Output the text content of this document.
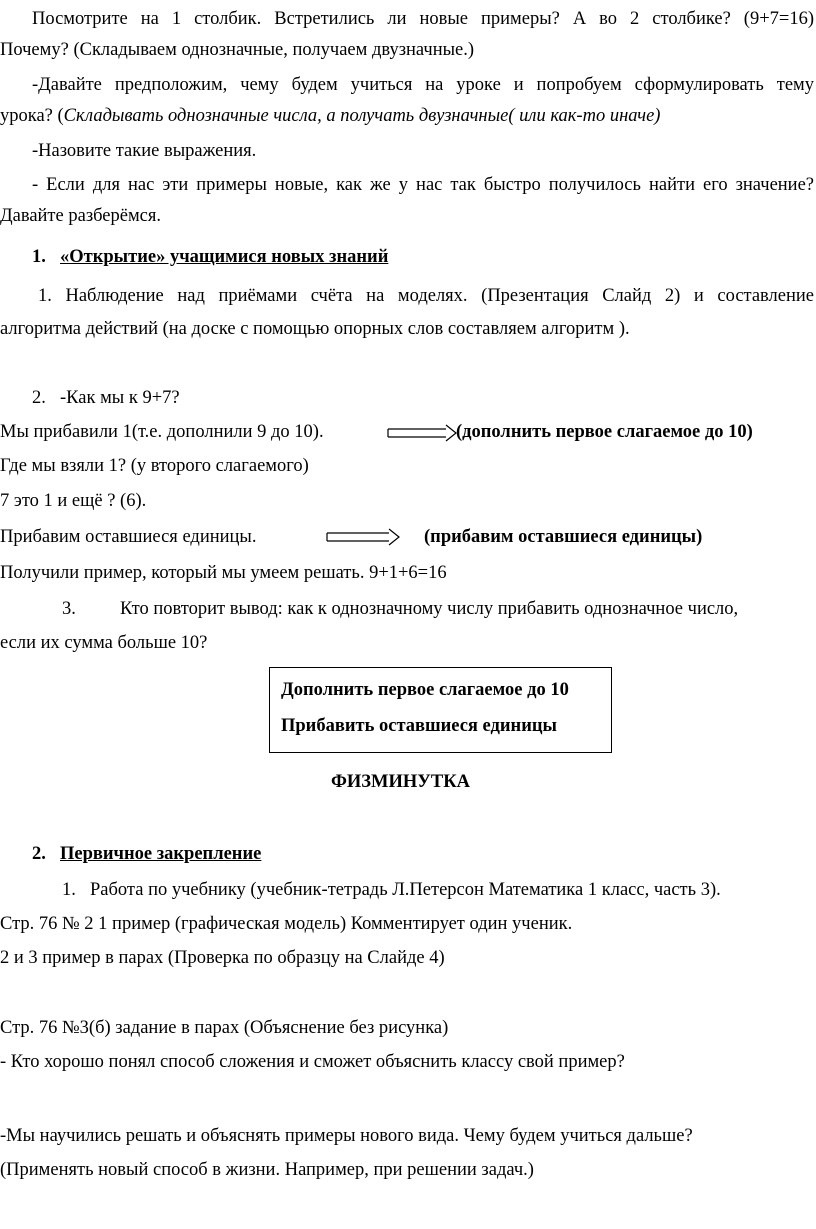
Посмотрите на 1 столбик. Встретились ли новые примеры? А во 2 столбике? (9+7=16)
Почему? (Складываем однозначные, получаем двузначные.)
-Давайте предположим, чему будем учиться на уроке и попробуем сформулировать тему
урока? (Складывать однозначные числа, а получать двузначные( или как-то иначе)
-Назовите такие выражения.
- Если для нас эти примеры новые, как же у нас так быстро получилось найти его значение?
Давайте разберёмся.
1. «Открытие» учащимися новых знаний
1. Наблюдение над приёмами счёта на моделях. (Презентация Слайд 2) и составление
алгоритма действий (на доске с помощью опорных слов составляем алгоритм ).
2. -Как мы к 9+7?
Мы прибавили 1(т.е. дополнили 9 до 10).	(дополнить первое слагаемое до 10)
Где мы взяли 1? (у второго слагаемого)
7 это 1 и ещё ? (6).
Прибавим оставшиеся единицы.	(прибавим оставшиеся единицы)
Получили пример, который мы умеем решать. 9+1+6=16
3. Кто повторит вывод: как к однозначному числу прибавить однозначное число,
если их сумма больше 10?
Дополнить первое слагаемое до 10
Прибавить оставшиеся единицы
ФИЗМИНУТКА
2. Первичное закрепление
1. Работа по учебнику (учебник-тетрадь Л.Петерсон Математика 1 класс, часть 3).
Стр. 76 № 2 1 пример (графическая модель) Комментирует один ученик.
2 и 3 пример в парах (Проверка по образцу на Слайде 4)
Стр. 76 №3(б) задание в парах (Объяснение без рисунка)
- Кто хорошо понял способ сложения и сможет объяснить классу свой пример?
-Мы научились решать и объяснять примеры нового вида. Чему будем учиться дальше?
(Применять новый способ в жизни. Например, при решении задач.)
